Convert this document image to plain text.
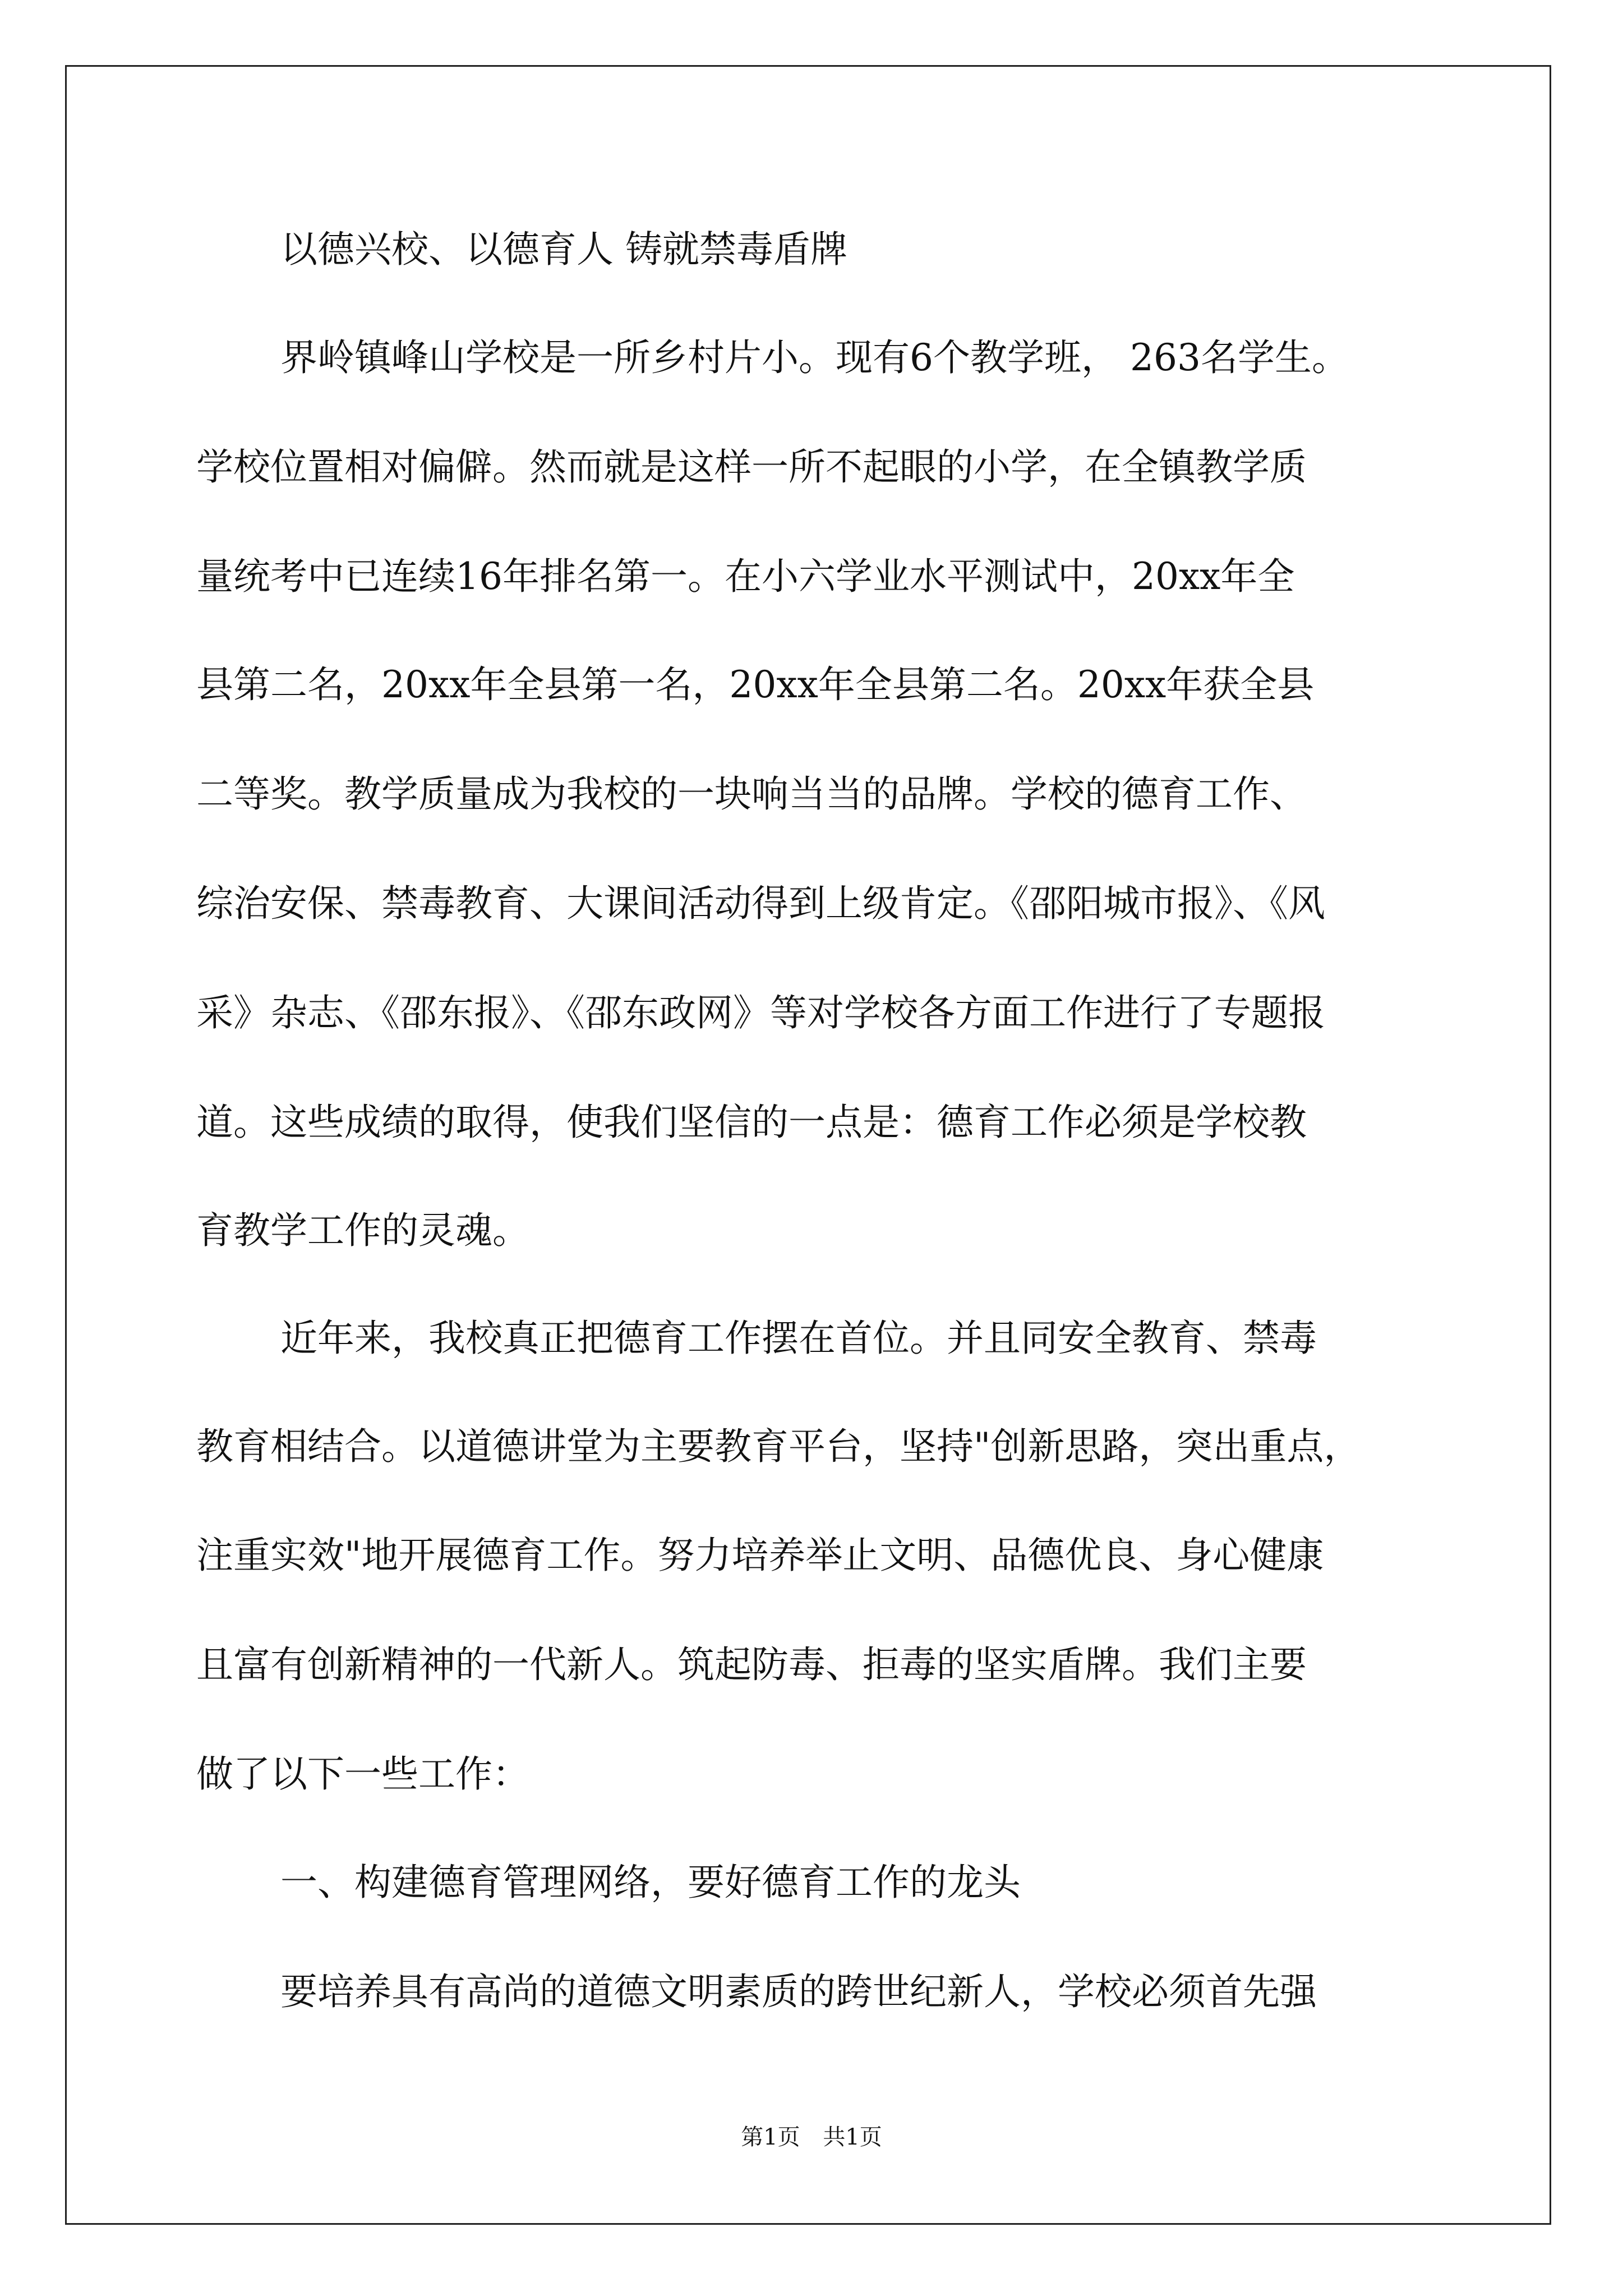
以德兴校、以德育人 铸就禁毒盾牌
界岭镇峰山学校是一所乡村片小。现有6个教学班， 263名学生。
学校位置相对偏僻。然而就是这样一所不起眼的小学，在全镇教学质
量统考中已连续16年排名第一。在小六学业水平测试中，20xx年全
县第二名，20xx年全县第一名，20xx年全县第二名。20xx年获全县
二等奖。教学质量成为我校的一块响当当的品牌。学校的德育工作、
综治安保、禁毒教育、大课间活动得到上级肯定。《邵阳城市报》、《风
采》杂志、《邵东报》、《邵东政网》等对学校各方面工作进行了专题报
道。这些成绩的取得，使我们坚信的一点是：德育工作必须是学校教
育教学工作的灵魂。
近年来，我校真正把德育工作摆在首位。并且同安全教育、禁毒
教育相结合。以道德讲堂为主要教育平台，坚持"创新思路，突出重点，
注重实效"地开展德育工作。努力培养举止文明、品德优良、身心健康
且富有创新精神的一代新人。筑起防毒、拒毒的坚实盾牌。我们主要
做了以下一些工作：
一、构建德育管理网络，要好德育工作的龙头
要培养具有高尚的道德文明素质的跨世纪新人，学校必须首先强
第1页 共1页
